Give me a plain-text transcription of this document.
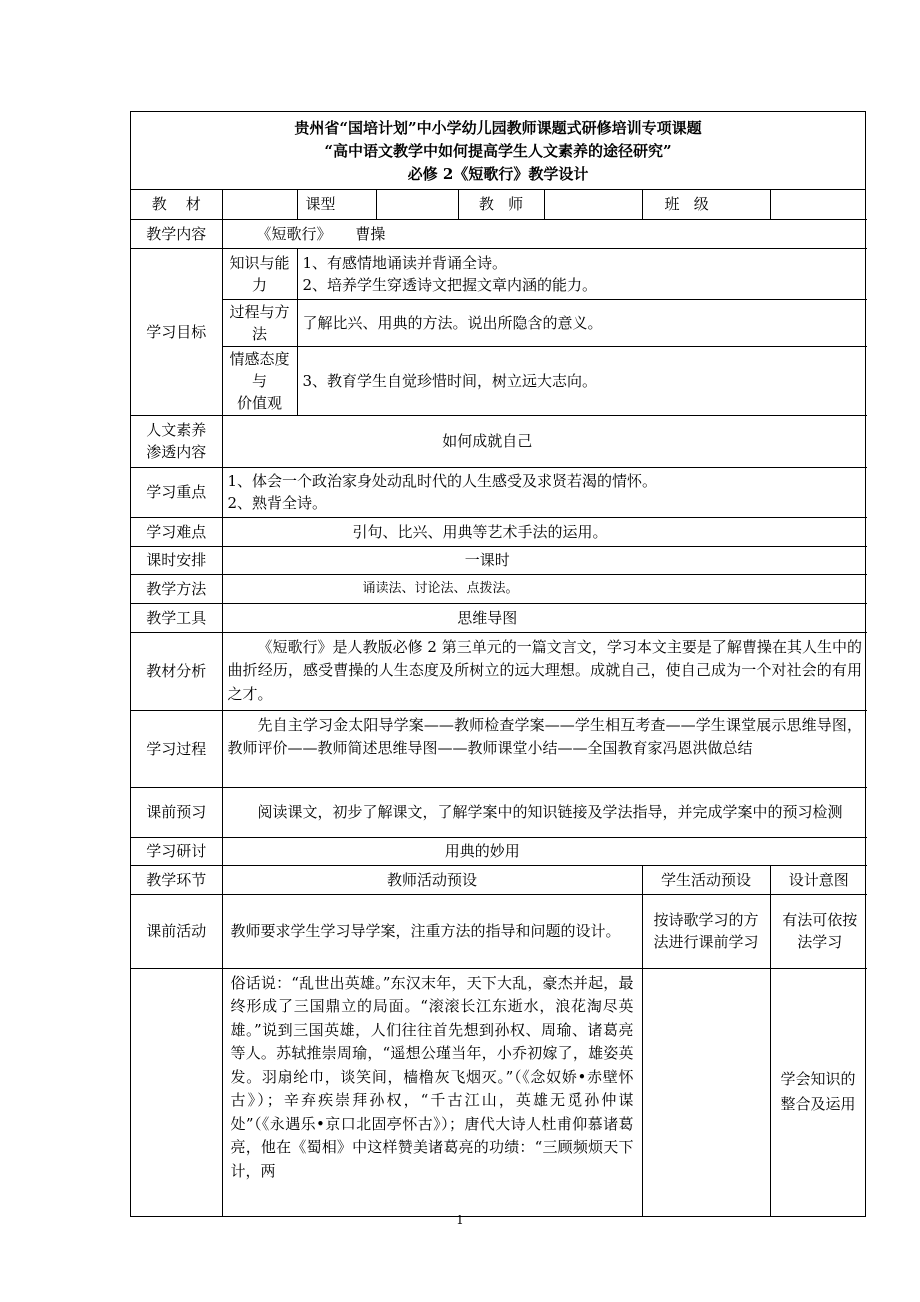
贵州省“国培计划”中小学幼儿园教师课题式研修培训专项课题
“高中语文教学中如何提高学生人文素养的途径研究”
必修 2《短歌行》教学设计
教    材		课型		教   师		班   级	
教学内容	《短歌行》     曹操						
学习目标	知识与能力	1、有感情地诵读并背诵全诗。
2、培养学生穿透诗文把握文章内涵的能力。					

	过程与方法	了解比兴、用典的方法。说出所隐含的意义。					

	情感态度与
价值观	3、教育学生自觉珍惜时间，树立远大志向。					

人文素养
渗透内容	如何成就自己						
学习重点	1、体会一个政治家身处动乱时代的人生感受及求贤若渴的情怀。
2、熟背全诗。						

学习难点	引句、比兴、用典等艺术手法的运用。						
课时安排	一课时						
教学方法	诵读法、讨论法、点拨法。						
教学工具	思维导图						
教材分析	《短歌行》是人教版必修 2 第三单元的一篇文言文，学习本文主要是了解曹操在其人生中的曲折经历，感受曹操的人生态度及所树立的远大理想。成就自己，使自己成为一个对社会的有用之才。						
学习过程	先自主学习金太阳导学案——教师检查学案——学生相互考查——学生课堂展示思维导图，教师评价——教师简述思维导图——教师课堂小结——全国教育家冯恩洪做总结						
课前预习	阅读课文，初步了解课文，了解学案中的知识链接及学法指导，并完成学案中的预习检测						
学习研讨	用典的妙用						
教学环节	教师活动预设					学生活动预设	设计意图
课前活动	教师要求学生学习导学案，注重方法的指导和问题的设计。					按诗歌学习的方法进行课前学习	有法可依按法学习
	俗话说：“乱世出英雄。”东汉末年，天下大乱，豪杰并起，最终形成了三国鼎立的局面。“滚滚长江东逝水，浪花淘尽英雄。”说到三国英雄，人们往往首先想到孙权、周瑜、诸葛亮等人。苏轼推崇周瑜，“遥想公瑾当年，小乔初嫁了，雄姿英发。羽扇纶巾，谈笑间，樯橹灰飞烟灭。”（《念奴娇•赤壁怀古》）；辛弃疾崇拜孙权，“千古江山，英雄无觅孙仲谋处”（《永遇乐•京口北固亭怀古》）；唐代大诗人杜甫仰慕诸葛亮，他在《蜀相》中这样赞美诸葛亮的功绩：“三顾频烦天下计，两						学会知识的整合及运用
1
